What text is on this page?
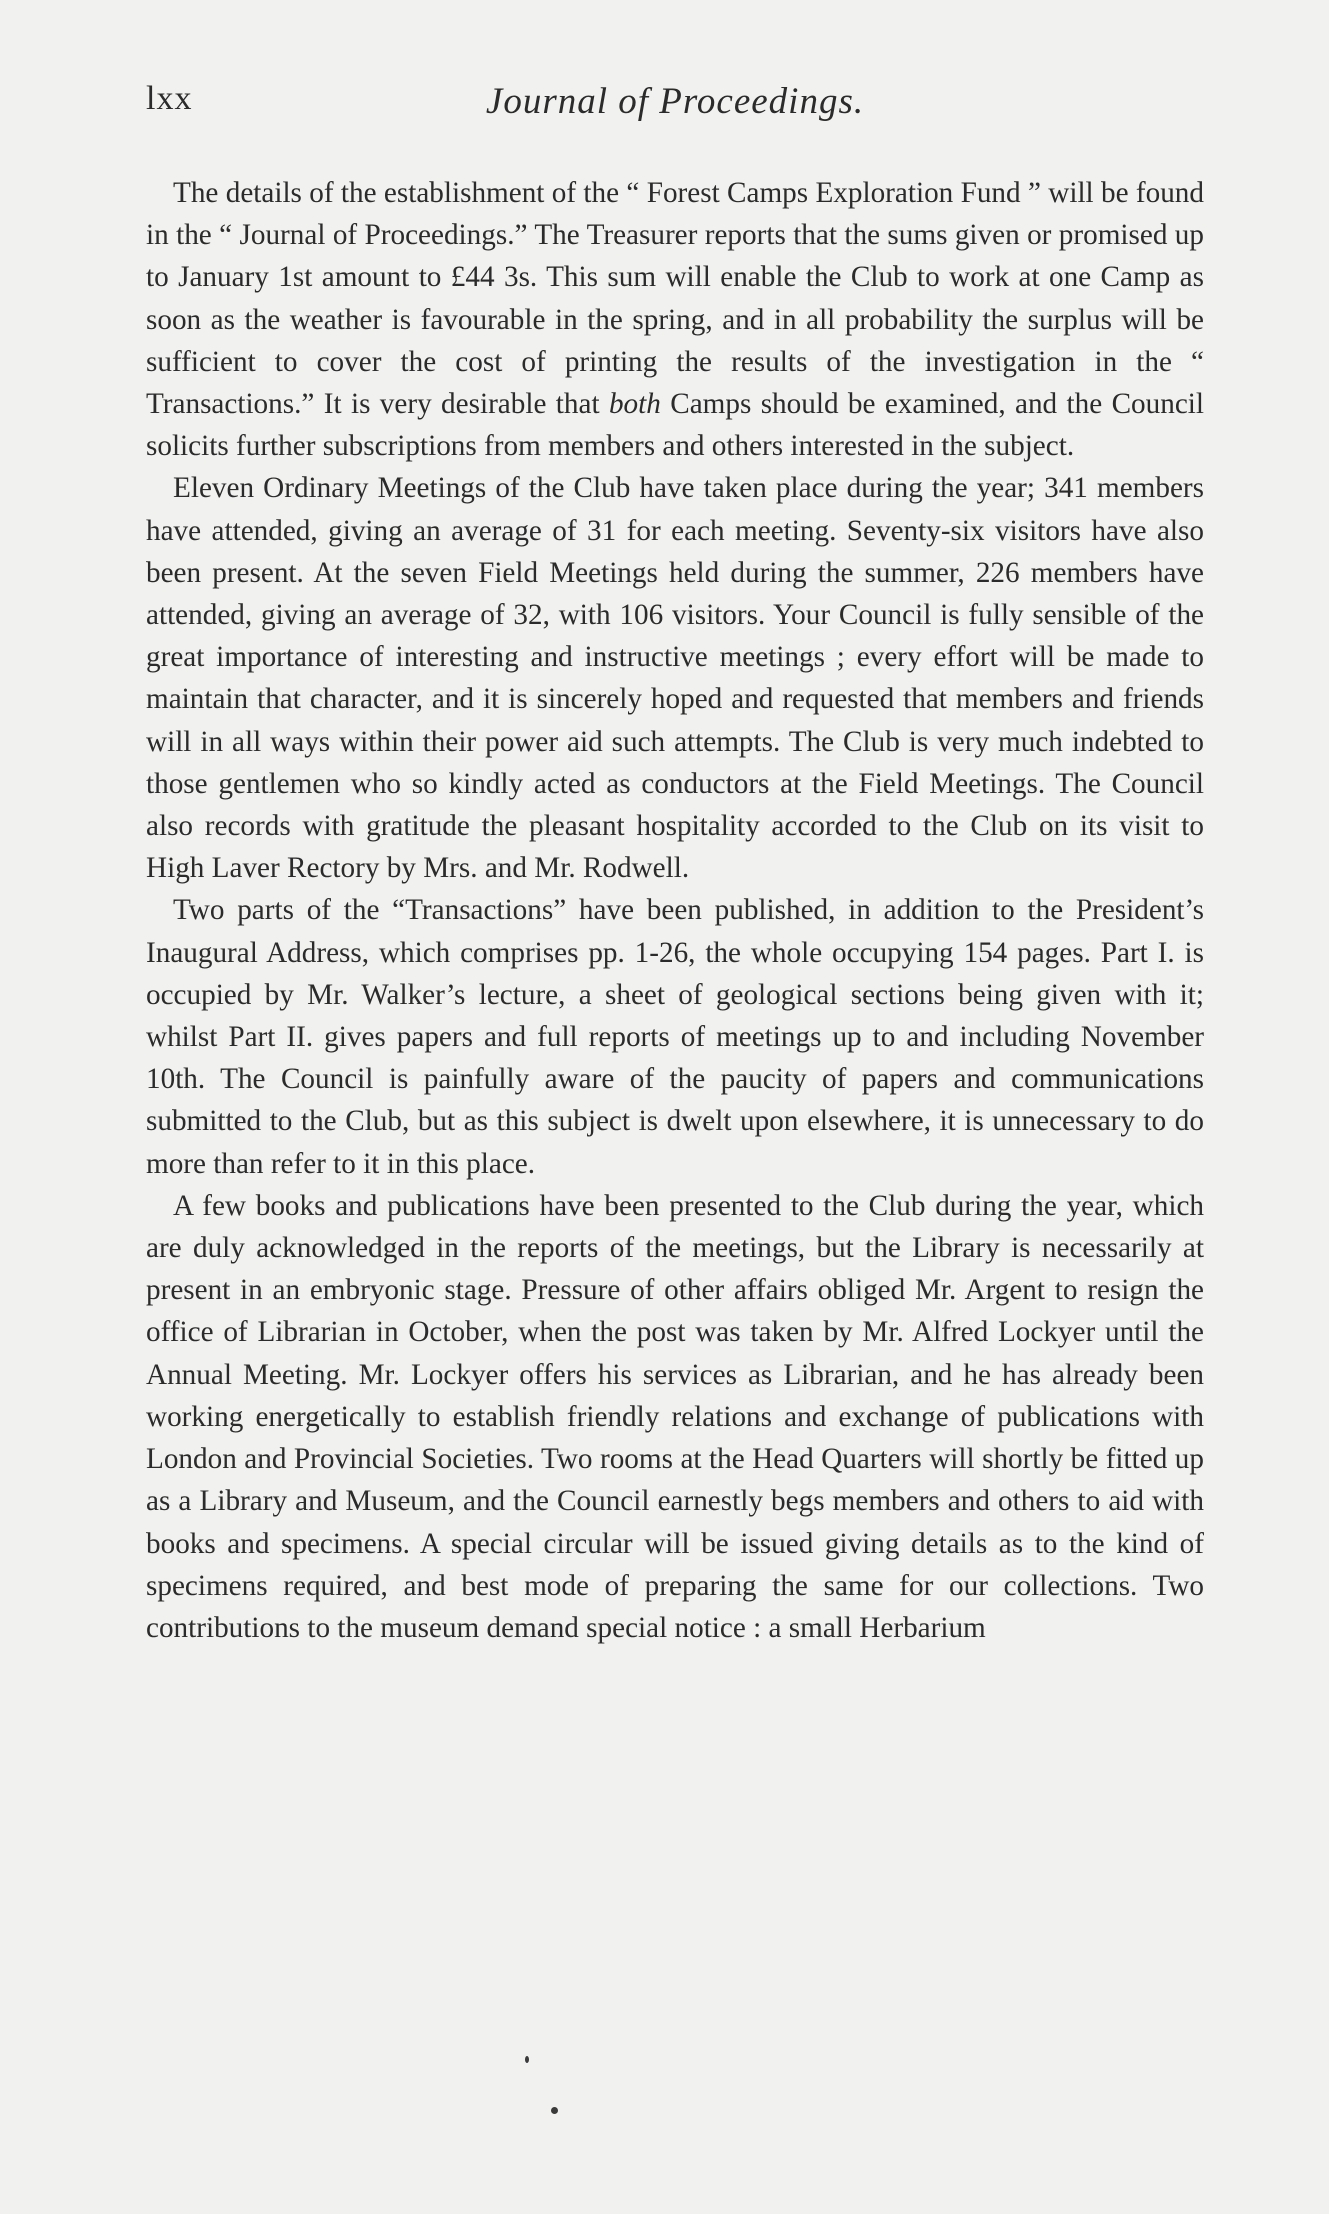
lxx	Journal of Proceedings.

The details of the establishment of the “ Forest Camps Exploration Fund ” will be found in the “ Journal of Proceedings.” The Treasurer reports that the sums given or promised up to January 1st amount to £44 3s. This sum will enable the Club to work at one Camp as soon as the weather is favourable in the spring, and in all probability the surplus will be sufficient to cover the cost of printing the results of the investigation in the “ Transactions.” It is very desirable that both Camps should be examined, and the Council solicits further subscriptions from members and others interested in the subject.

Eleven Ordinary Meetings of the Club have taken place during the year; 341 members have attended, giving an average of 31 for each meeting. Seventy-six visitors have also been present. At the seven Field Meetings held during the summer, 226 members have attended, giving an average of 32, with 106 visitors. Your Council is fully sensible of the great importance of interesting and instructive meetings ; every effort will be made to maintain that character, and it is sincerely hoped and requested that members and friends will in all ways within their power aid such attempts. The Club is very much indebted to those gentlemen who so kindly acted as conductors at the Field Meetings. The Council also records with gratitude the pleasant hospitality accorded to the Club on its visit to High Laver Rectory by Mrs. and Mr. Rodwell.

Two parts of the “Transactions” have been published, in addition to the President’s Inaugural Address, which comprises pp. 1-26, the whole occupying 154 pages. Part I. is occupied by Mr. Walker’s lecture, a sheet of geological sections being given with it; whilst Part II. gives papers and full reports of meetings up to and including November 10th. The Council is painfully aware of the paucity of papers and communications submitted to the Club, but as this subject is dwelt upon elsewhere, it is unnecessary to do more than refer to it in this place.

A few books and publications have been presented to the Club during the year, which are duly acknowledged in the reports of the meetings, but the Library is necessarily at present in an embryonic stage. Pressure of other affairs obliged Mr. Argent to resign the office of Librarian in October, when the post was taken by Mr. Alfred Lockyer until the Annual Meeting. Mr. Lockyer offers his services as Librarian, and he has already been working energetically to establish friendly relations and exchange of publications with London and Provincial Societies. Two rooms at the Head Quarters will shortly be fitted up as a Library and Museum, and the Council earnestly begs members and others to aid with books and specimens. A special circular will be issued giving details as to the kind of specimens required, and best mode of preparing the same for our collections. Two contributions to the museum demand special notice : a small Herbarium
